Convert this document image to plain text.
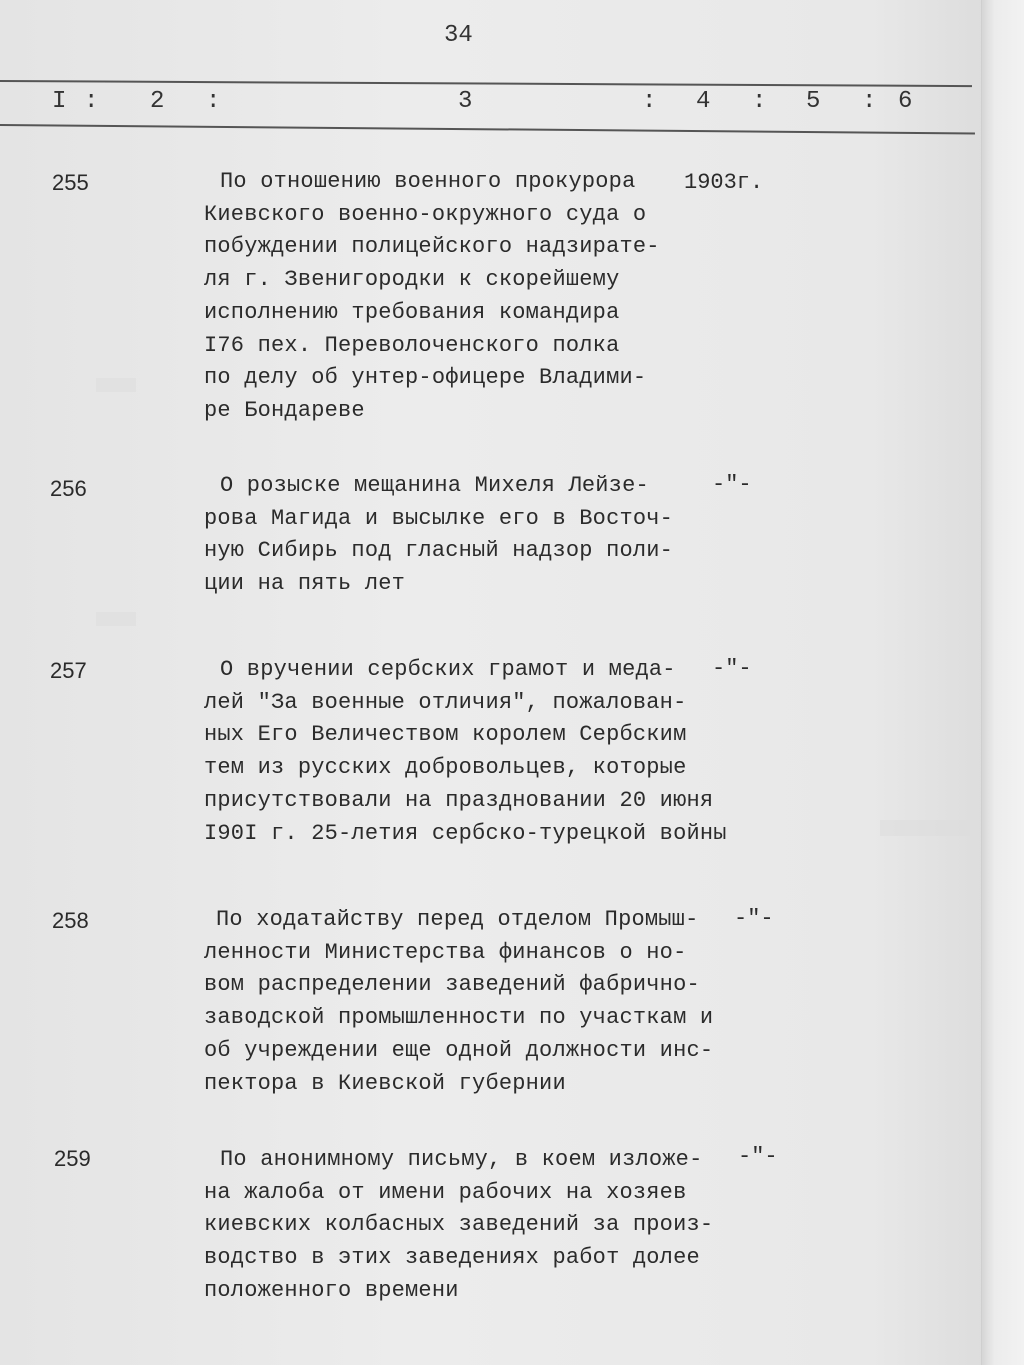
34
I : 2 :	3	: 4 : 5 : 6
255	По отношению военного прокурора
Киевского военно-окружного суда о
побуждении полицейского надзирате-
ля г. Звенигородки к скорейшему
исполнению требования командира
I76 пех. Переволоченского полка
по делу об унтер-офицере Владими-
ре Бондареве
1903г.
256	О розыске мещанина Михеля Лейзе-
рова Магида и высылке его в Восточ-
ную Сибирь под гласный надзор поли-
ции на пять лет
-"-
257	О вручении сербских грамот и меда-
лей "За военные отличия", пожалован-
ных Его Величеством королем Сербским
тем из русских добровольцев, которые
присутствовали на праздновании 20 июня
I90I г. 25-летия сербско-турецкой войны
-"-
258	По ходатайству перед отделом Промыш-
ленности Министерства финансов о но-
вом распределении заведений фабрично-
заводской промышленности по участкам и
об учреждении еще одной должности инс-
пектора в Киевской губернии
-"-
259	По анонимному письму, в коем изложе-
на жалоба от имени рабочих на хозяев
киевских колбасных заведений за произ-
водство в этих заведениях работ долее
положенного времени
-"-
